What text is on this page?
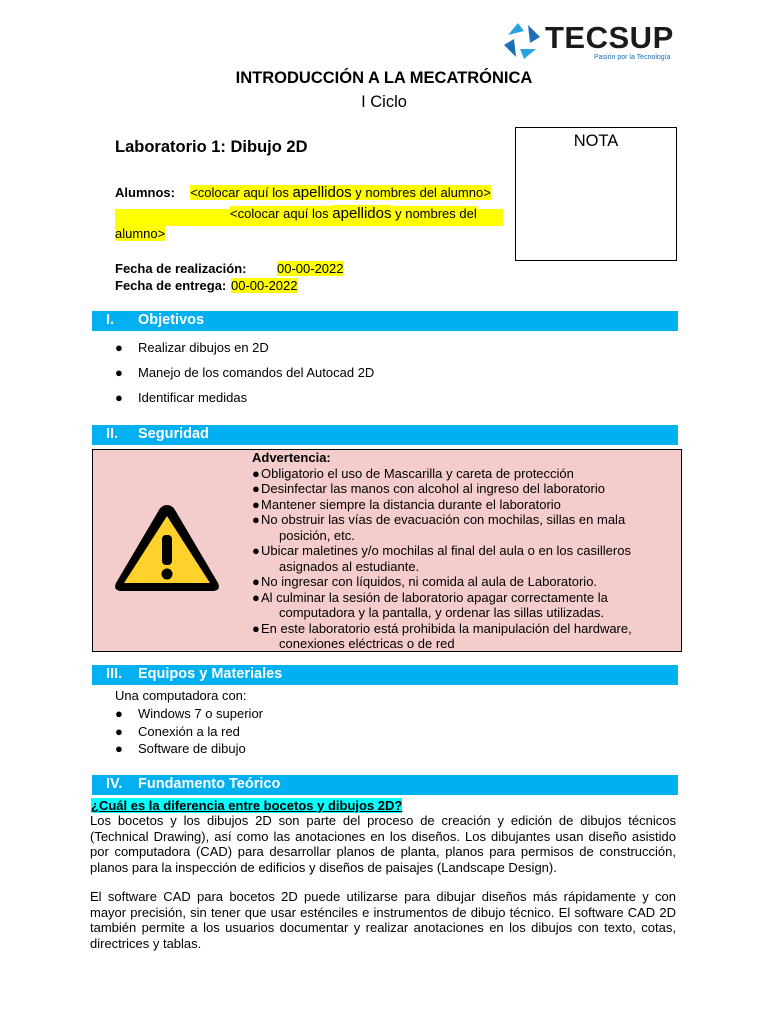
TECSUP
Pasión por la Tecnología
INTRODUCCIÓN A LA MECATRÓNICA
I Ciclo
Laboratorio 1: Dibujo 2D	NOTA
Alumnos: <colocar aquí los apellidos y nombres del alumno>
<colocar aquí los apellidos y nombres del
alumno>
Fecha de realización: 00-00-2022
Fecha de entrega: 00-00-2022
I. Objetivos
● Realizar dibujos en 2D
● Manejo de los comandos del Autocad 2D
● Identificar medidas
II. Seguridad
Advertencia:
●Obligatorio el uso de Mascarilla y careta de protección
●Desinfectar las manos con alcohol al ingreso del laboratorio
●Mantener siempre la distancia durante el laboratorio
●No obstruir las vías de evacuación con mochilas, sillas en mala
posición, etc.
●Ubicar maletines y/o mochilas al final del aula o en los casilleros
asignados al estudiante.
●No ingresar con líquidos, ni comida al aula de Laboratorio.
●Al culminar la sesión de laboratorio apagar correctamente la
computadora y la pantalla, y ordenar las sillas utilizadas.
●En este laboratorio está prohibida la manipulación del hardware,
conexiones eléctricas o de red
III. Equipos y Materiales
Una computadora con:
● Windows 7 o superior
● Conexión a la red
● Software de dibujo
IV. Fundamento Teórico
¿Cuál es la diferencia entre bocetos y dibujos 2D?
Los bocetos y los dibujos 2D son parte del proceso de creación y edición de dibujos técnicos (Technical Drawing), así como las anotaciones en los diseños. Los dibujantes usan diseño asistido por computadora (CAD) para desarrollar planos de planta, planos para permisos de construcción, planos para la inspección de edificios y diseños de paisajes (Landscape Design).
El software CAD para bocetos 2D puede utilizarse para dibujar diseños más rápidamente y con mayor precisión, sin tener que usar esténciles e instrumentos de dibujo técnico. El software CAD 2D también permite a los usuarios documentar y realizar anotaciones en los dibujos con texto, cotas, directrices y tablas.
